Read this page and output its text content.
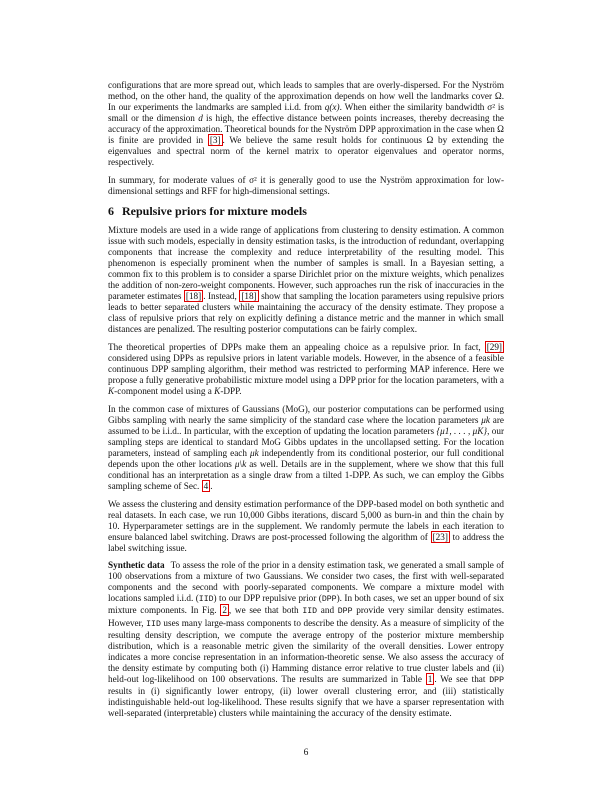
configurations that are more spread out, which leads to samples that are overly-dispersed. For the Nyström method, on the other hand, the quality of the approximation depends on how well the landmarks cover Ω. In our experiments the landmarks are sampled i.i.d. from q(x). When either the similarity bandwidth σ² is small or the dimension d is high, the effective distance between points increases, thereby decreasing the accuracy of the approximation. Theoretical bounds for the Nyström DPP approximation in the case when Ω is finite are provided in [3] . We believe the same result holds for continuous Ω by extending the eigenvalues and spectral norm of the kernel matrix to operator eigenvalues and operator norms, respectively.

In summary, for moderate values of σ² it is generally good to use the Nyström approximation for low-dimensional settings and RFF for high-dimensional settings.

6 Repulsive priors for mixture models

Mixture models are used in a wide range of applications from clustering to density estimation. A common issue with such models, especially in density estimation tasks, is the introduction of redundant, overlapping components that increase the complexity and reduce interpretability of the resulting model. This phenomenon is especially prominent when the number of samples is small. In a Bayesian setting, a common fix to this problem is to consider a sparse Dirichlet prior on the mixture weights, which penalizes the addition of non-zero-weight components. However, such approaches run the risk of inaccuracies in the parameter estimates [18] . Instead, [18] show that sampling the location parameters using repulsive priors leads to better separated clusters while maintaining the accuracy of the density estimate. They propose a class of repulsive priors that rely on explicitly defining a distance metric and the manner in which small distances are penalized. The resulting posterior computations can be fairly complex.

The theoretical properties of DPPs make them an appealing choice as a repulsive prior. In fact, [29] considered using DPPs as repulsive priors in latent variable models. However, in the absence of a feasible continuous DPP sampling algorithm, their method was restricted to performing MAP inference. Here we propose a fully generative probabilistic mixture model using a DPP prior for the location parameters, with a K-component model using a K-DPP.

In the common case of mixtures of Gaussians (MoG), our posterior computations can be performed using Gibbs sampling with nearly the same simplicity of the standard case where the location parameters μk are assumed to be i.i.d.. In particular, with the exception of updating the location parameters {μ1, . . . , μK}, our sampling steps are identical to standard MoG Gibbs updates in the uncollapsed setting. For the location parameters, instead of sampling each μk independently from its conditional posterior, our full conditional depends upon the other locations μ\k as well. Details are in the supplement, where we show that this full conditional has an interpretation as a single draw from a tilted 1-DPP. As such, we can employ the Gibbs sampling scheme of Sec. 4 .

We assess the clustering and density estimation performance of the DPP-based model on both synthetic and real datasets. In each case, we run 10,000 Gibbs iterations, discard 5,000 as burn-in and thin the chain by 10. Hyperparameter settings are in the supplement. We randomly permute the labels in each iteration to ensure balanced label switching. Draws are post-processed following the algorithm of [23] to address the label switching issue.

Synthetic data To assess the role of the prior in a density estimation task, we generated a small sample of 100 observations from a mixture of two Gaussians. We consider two cases, the first with well-separated components and the second with poorly-separated components. We compare a mixture model with locations sampled i.i.d. (IID) to our DPP repulsive prior (DPP). In both cases, we set an upper bound of six mixture components. In Fig. 2 , we see that both IID and DPP provide very similar density estimates. However, IID uses many large-mass components to describe the density. As a measure of simplicity of the resulting density description, we compute the average entropy of the posterior mixture membership distribution, which is a reasonable metric given the similarity of the overall densities. Lower entropy indicates a more concise representation in an information-theoretic sense. We also assess the accuracy of the density estimate by computing both (i) Hamming distance error relative to true cluster labels and (ii) held-out log-likelihood on 100 observations. The results are summarized in Table 1 . We see that DPP results in (i) significantly lower entropy, (ii) lower overall clustering error, and (iii) statistically indistinguishable held-out log-likelihood. These results signify that we have a sparser representation with well-separated (interpretable) clusters while maintaining the accuracy of the density estimate.

6
